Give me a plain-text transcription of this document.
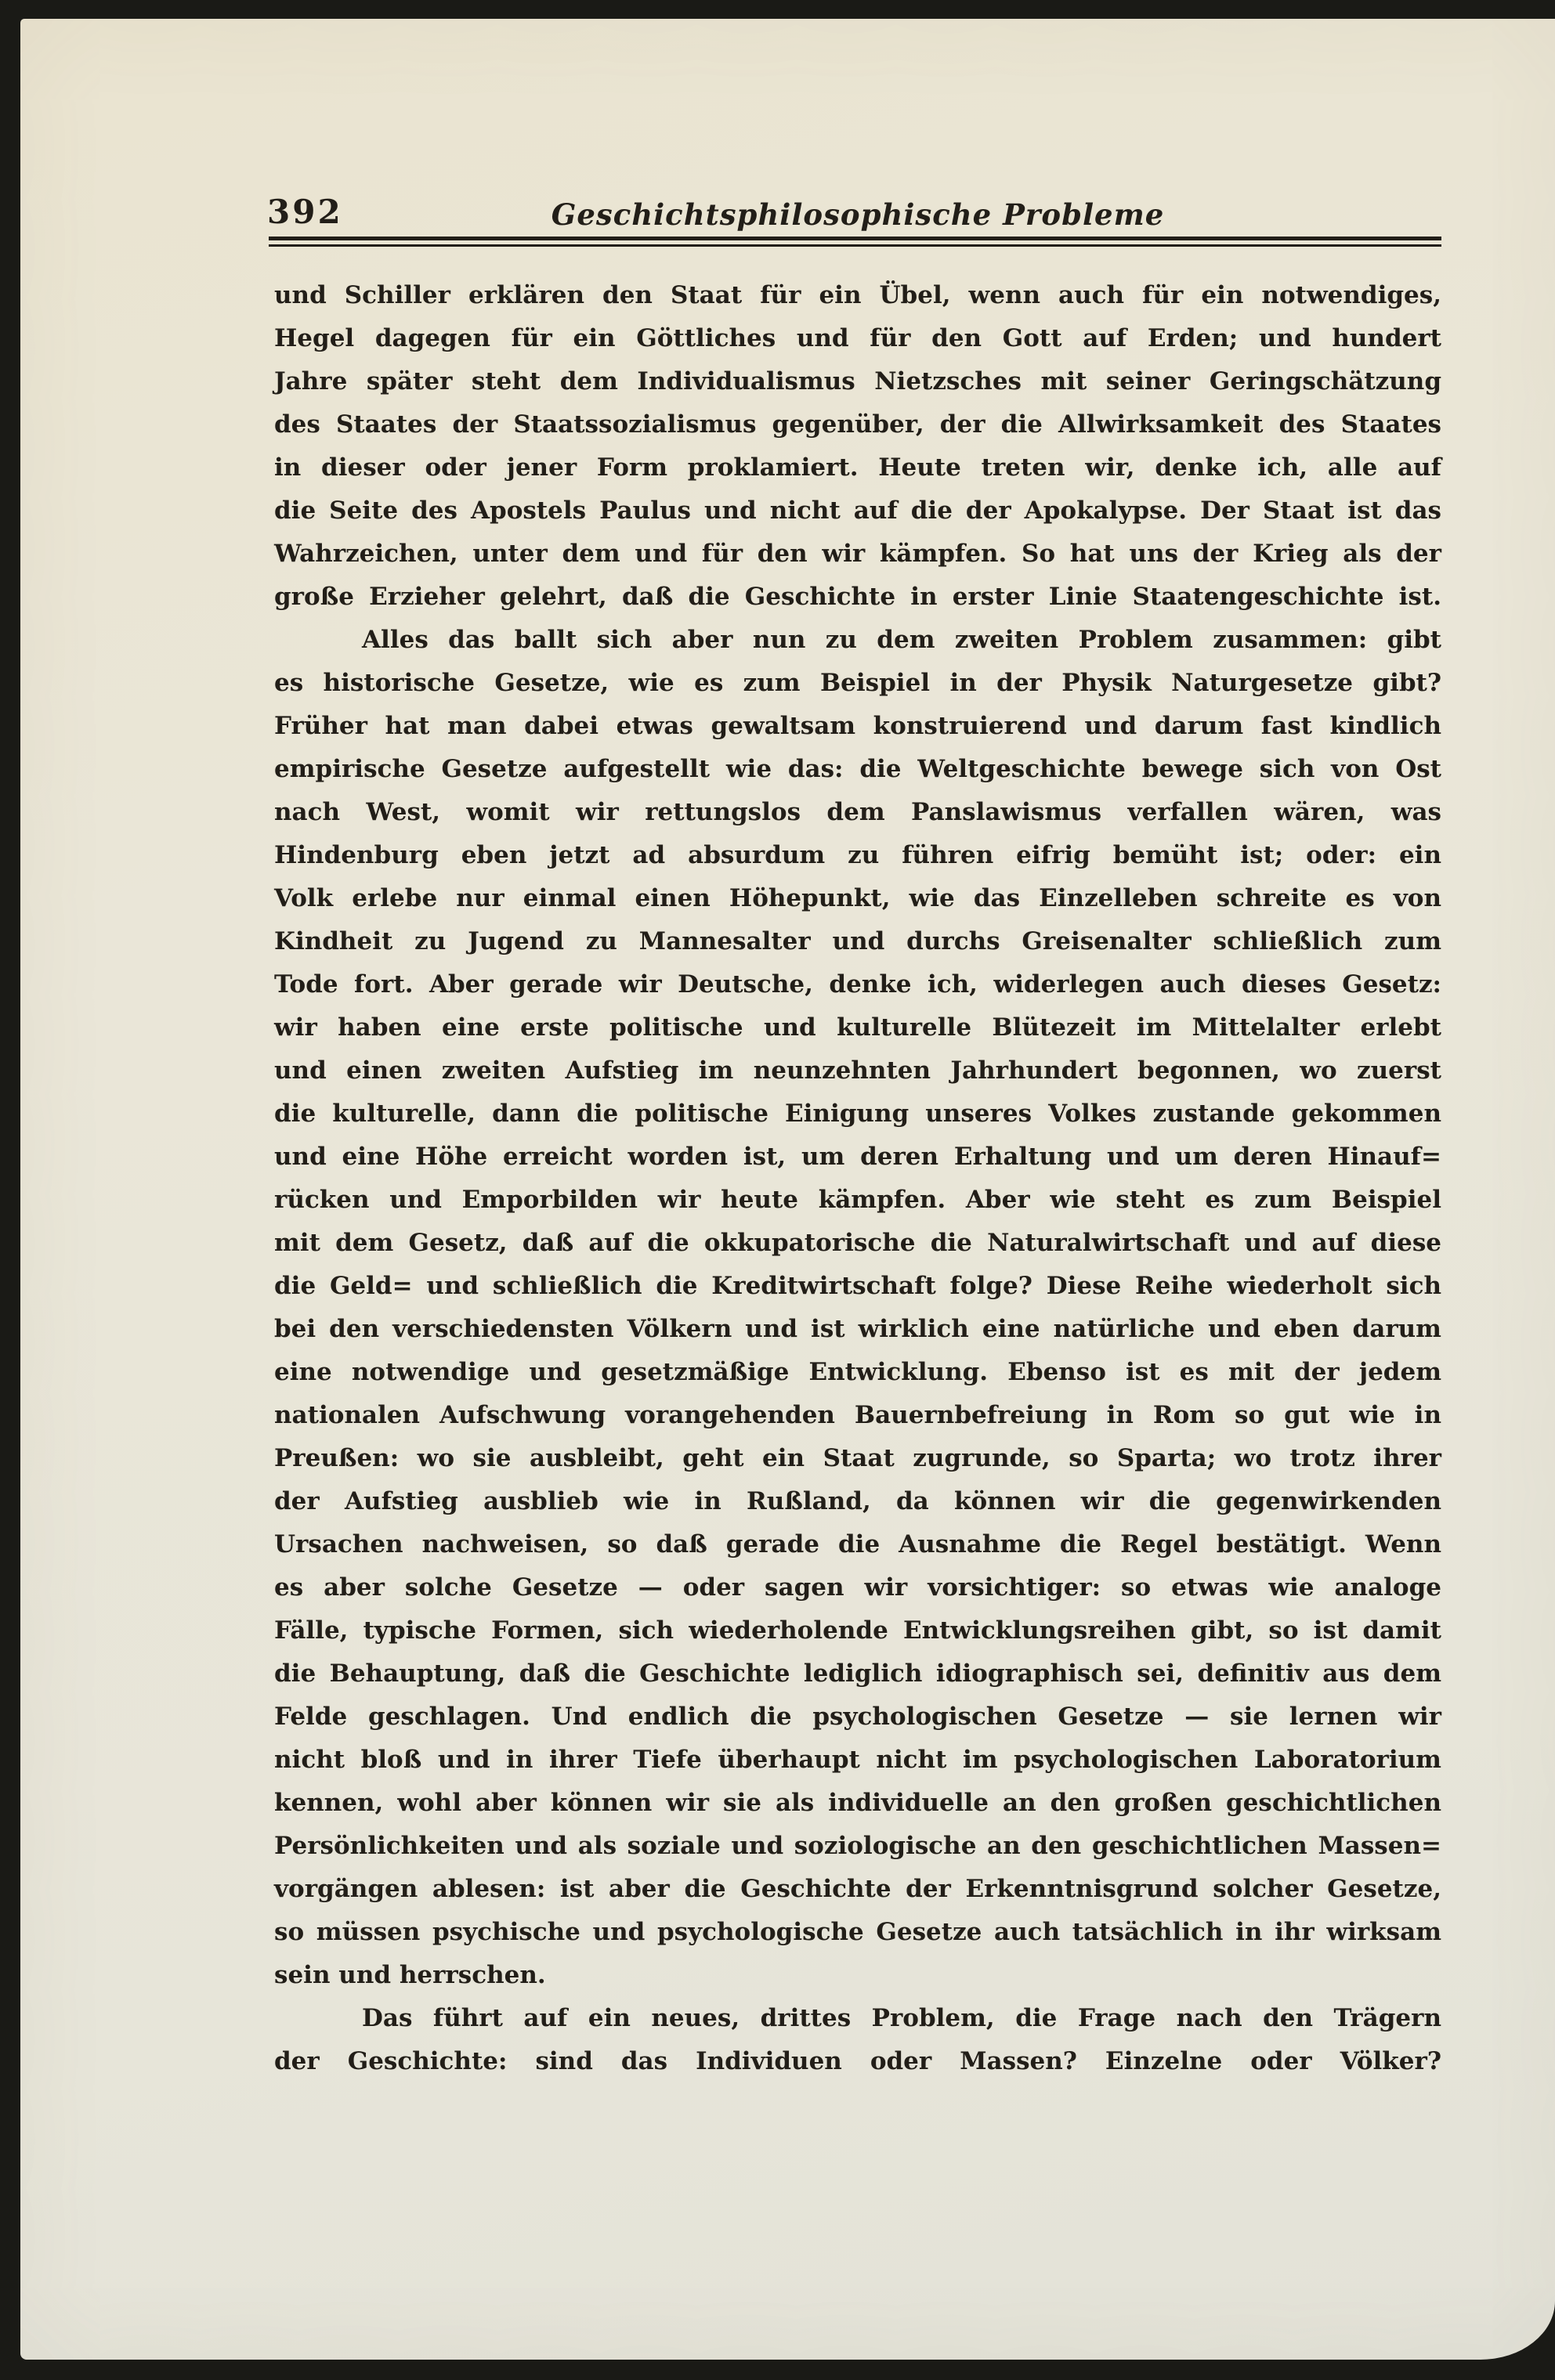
392	Geschichtsphilosophische Probleme
und Schiller erklären den Staat für ein Übel, wenn auch für ein notwendiges,
Hegel dagegen für ein Göttliches und für den Gott auf Erden; und hundert
Jahre später steht dem Individualismus Nietzsches mit seiner Geringschätzung
des Staates der Staatssozialismus gegenüber, der die Allwirksamkeit des Staates
in dieser oder jener Form proklamiert. Heute treten wir, denke ich, alle auf
die Seite des Apostels Paulus und nicht auf die der Apokalypse. Der Staat ist das
Wahrzeichen, unter dem und für den wir kämpfen. So hat uns der Krieg als der
große Erzieher gelehrt, daß die Geschichte in erster Linie Staatengeschichte ist.
Alles das ballt sich aber nun zu dem zweiten Problem zusammen: gibt
es historische Gesetze, wie es zum Beispiel in der Physik Naturgesetze gibt?
Früher hat man dabei etwas gewaltsam konstruierend und darum fast kindlich
empirische Gesetze aufgestellt wie das: die Weltgeschichte bewege sich von Ost
nach West, womit wir rettungslos dem Panslawismus verfallen wären, was
Hindenburg eben jetzt ad absurdum zu führen eifrig bemüht ist; oder: ein
Volk erlebe nur einmal einen Höhepunkt, wie das Einzelleben schreite es von
Kindheit zu Jugend zu Mannesalter und durchs Greisenalter schließlich zum
Tode fort. Aber gerade wir Deutsche, denke ich, widerlegen auch dieses Gesetz:
wir haben eine erste politische und kulturelle Blütezeit im Mittelalter erlebt
und einen zweiten Aufstieg im neunzehnten Jahrhundert begonnen, wo zuerst
die kulturelle, dann die politische Einigung unseres Volkes zustande gekommen
und eine Höhe erreicht worden ist, um deren Erhaltung und um deren Hinauf=
rücken und Emporbilden wir heute kämpfen. Aber wie steht es zum Beispiel
mit dem Gesetz, daß auf die okkupatorische die Naturalwirtschaft und auf diese
die Geld= und schließlich die Kreditwirtschaft folge? Diese Reihe wiederholt sich
bei den verschiedensten Völkern und ist wirklich eine natürliche und eben darum
eine notwendige und gesetzmäßige Entwicklung. Ebenso ist es mit der jedem
nationalen Aufschwung vorangehenden Bauernbefreiung in Rom so gut wie in
Preußen: wo sie ausbleibt, geht ein Staat zugrunde, so Sparta; wo trotz ihrer
der Aufstieg ausblieb wie in Rußland, da können wir die gegenwirkenden
Ursachen nachweisen, so daß gerade die Ausnahme die Regel bestätigt. Wenn
es aber solche Gesetze — oder sagen wir vorsichtiger: so etwas wie analoge
Fälle, typische Formen, sich wiederholende Entwicklungsreihen gibt, so ist damit
die Behauptung, daß die Geschichte lediglich idiographisch sei, definitiv aus dem
Felde geschlagen. Und endlich die psychologischen Gesetze — sie lernen wir
nicht bloß und in ihrer Tiefe überhaupt nicht im psychologischen Laboratorium
kennen, wohl aber können wir sie als individuelle an den großen geschichtlichen
Persönlichkeiten und als soziale und soziologische an den geschichtlichen Massen=
vorgängen ablesen: ist aber die Geschichte der Erkenntnisgrund solcher Gesetze,
so müssen psychische und psychologische Gesetze auch tatsächlich in ihr wirksam
sein und herrschen.
Das führt auf ein neues, drittes Problem, die Frage nach den Trägern
der Geschichte: sind das Individuen oder Massen? Einzelne oder Völker?
